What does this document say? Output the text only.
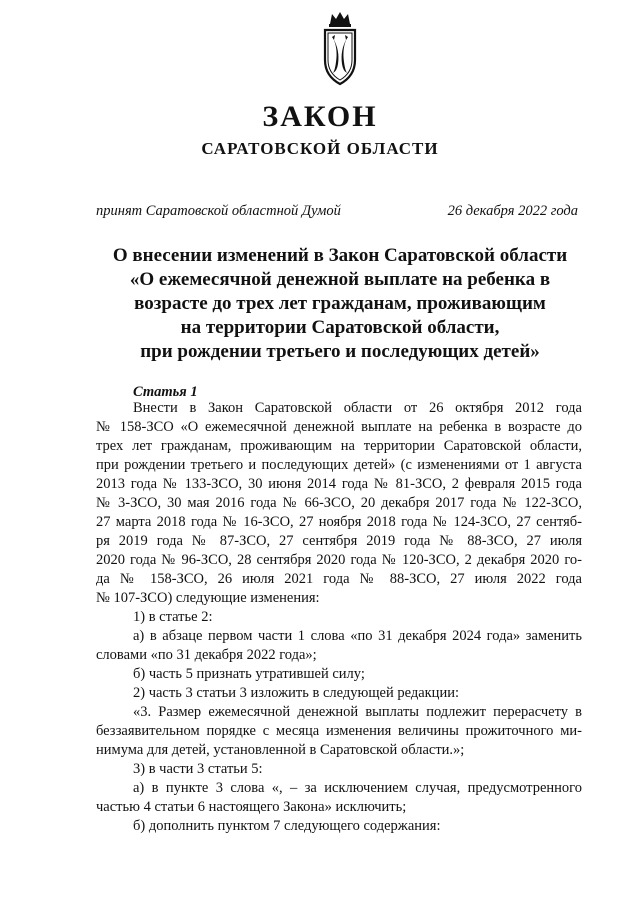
ЗАКОН
САРАТОВСКОЙ ОБЛАСТИ
принят Саратовской областной Думой	26 декабря 2022 года
О внесении изменений в Закон Саратовской области
«О ежемесячной денежной выплате на ребенка в
возрасте до трех лет гражданам, проживающим
на территории Саратовской области,
при рождении третьего и последующих детей»
Статья 1
Внести в Закон Саратовской области от 26 октября 2012 года
№ 158-ЗСО «О ежемесячной денежной выплате на ребенка в возрасте до
трех лет гражданам, проживающим на территории Саратовской области,
при рождении третьего и последующих детей» (с изменениями от 1 августа
2013 года № 133-ЗСО, 30 июня 2014 года № 81-ЗСО, 2 февраля 2015 года
№ 3-ЗСО, 30 мая 2016 года № 66-ЗСО, 20 декабря 2017 года № 122-ЗСО,
27 марта 2018 года № 16-ЗСО, 27 ноября 2018 года № 124-ЗСО, 27 сентяб-
ря 2019 года № 87-ЗСО, 27 сентября 2019 года № 88-ЗСО, 27 июля
2020 года № 96-ЗСО, 28 сентября 2020 года № 120-ЗСО, 2 декабря 2020 го-
да № 158-ЗСО, 26 июля 2021 года № 88-ЗСО, 27 июля 2022 года
№ 107-ЗСО) следующие изменения:
1) в статье 2:
а) в абзаце первом части 1 слова «по 31 декабря 2024 года» заменить
словами «по 31 декабря 2022 года»;
б) часть 5 признать утратившей силу;
2) часть 3 статьи 3 изложить в следующей редакции:
«3. Размер ежемесячной денежной выплаты подлежит перерасчету в
беззаявительном порядке с месяца изменения величины прожиточного ми-
нимума для детей, установленной в Саратовской области.»;
3) в части 3 статьи 5:
а) в пункте 3 слова «, – за исключением случая, предусмотренного
частью 4 статьи 6 настоящего Закона» исключить;
б) дополнить пунктом 7 следующего содержания:
